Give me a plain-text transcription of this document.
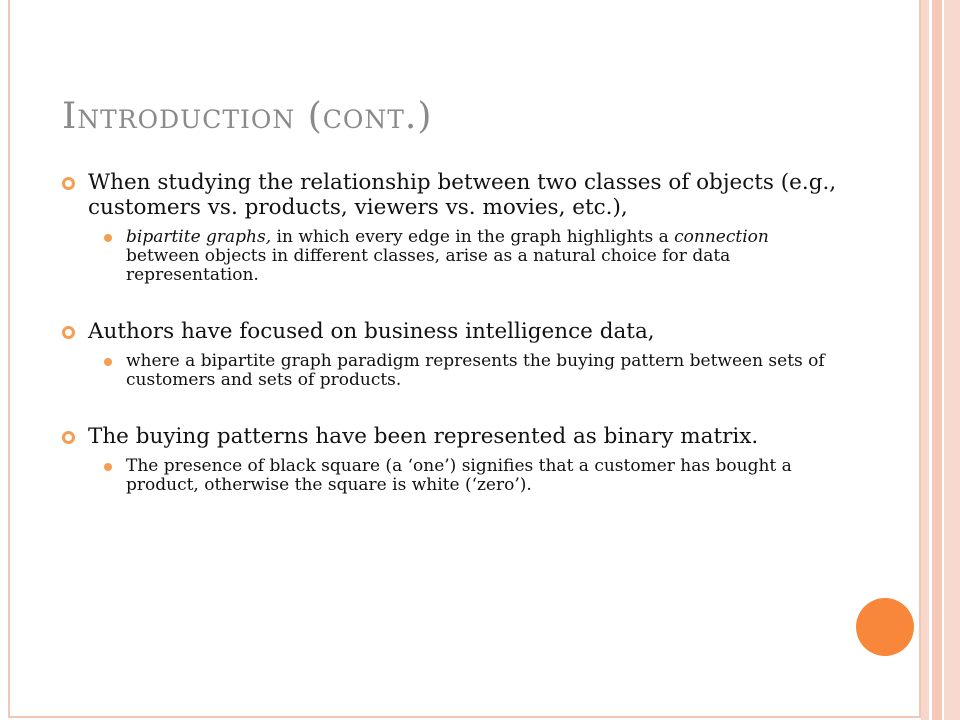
Introduction (cont.)
When studying the relationship between two classes of objects (e.g., customers vs. products, viewers vs. movies, etc.),
bipartite graphs, in which every edge in the graph highlights a connection between objects in different classes, arise as a natural choice for data representation.
Authors have focused on business intelligence data,
where a bipartite graph paradigm represents the buying pattern between sets of customers and sets of products.
The buying patterns have been represented as binary matrix.
The presence of black square (a ‘one’) signifies that a customer has bought a product, otherwise the square is white (‘zero’).
